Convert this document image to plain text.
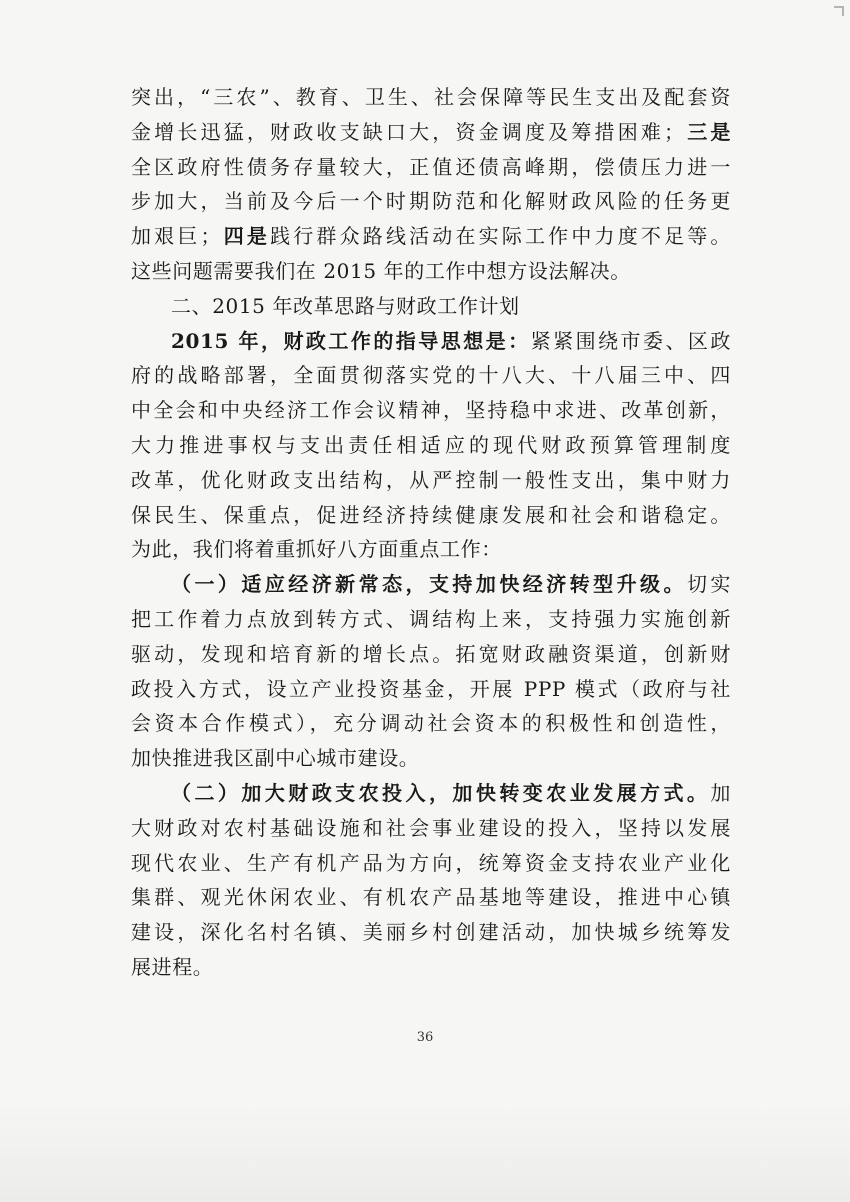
突出，“三农”、教育、卫生、社会保障等民生支出及配套资
金增长迅猛，财政收支缺口大，资金调度及筹措困难；三是
全区政府性债务存量较大，正值还债高峰期，偿债压力进一
步加大，当前及今后一个时期防范和化解财政风险的任务更
加艰巨；四是践行群众路线活动在实际工作中力度不足等。
这些问题需要我们在 2015 年的工作中想方设法解决。
二、2015 年改革思路与财政工作计划
2015 年，财政工作的指导思想是：紧紧围绕市委、区政
府的战略部署，全面贯彻落实党的十八大、十八届三中、四
中全会和中央经济工作会议精神，坚持稳中求进、改革创新，
大力推进事权与支出责任相适应的现代财政预算管理制度
改革，优化财政支出结构，从严控制一般性支出，集中财力
保民生、保重点，促进经济持续健康发展和社会和谐稳定。
为此，我们将着重抓好八方面重点工作：
（一）适应经济新常态，支持加快经济转型升级。切实
把工作着力点放到转方式、调结构上来，支持强力实施创新
驱动，发现和培育新的增长点。拓宽财政融资渠道，创新财
政投入方式，设立产业投资基金，开展 PPP 模式（政府与社
会资本合作模式），充分调动社会资本的积极性和创造性，
加快推进我区副中心城市建设。
（二）加大财政支农投入，加快转变农业发展方式。加
大财政对农村基础设施和社会事业建设的投入，坚持以发展
现代农业、生产有机产品为方向，统筹资金支持农业产业化
集群、观光休闲农业、有机农产品基地等建设，推进中心镇
建设，深化名村名镇、美丽乡村创建活动，加快城乡统筹发
展进程。
36
